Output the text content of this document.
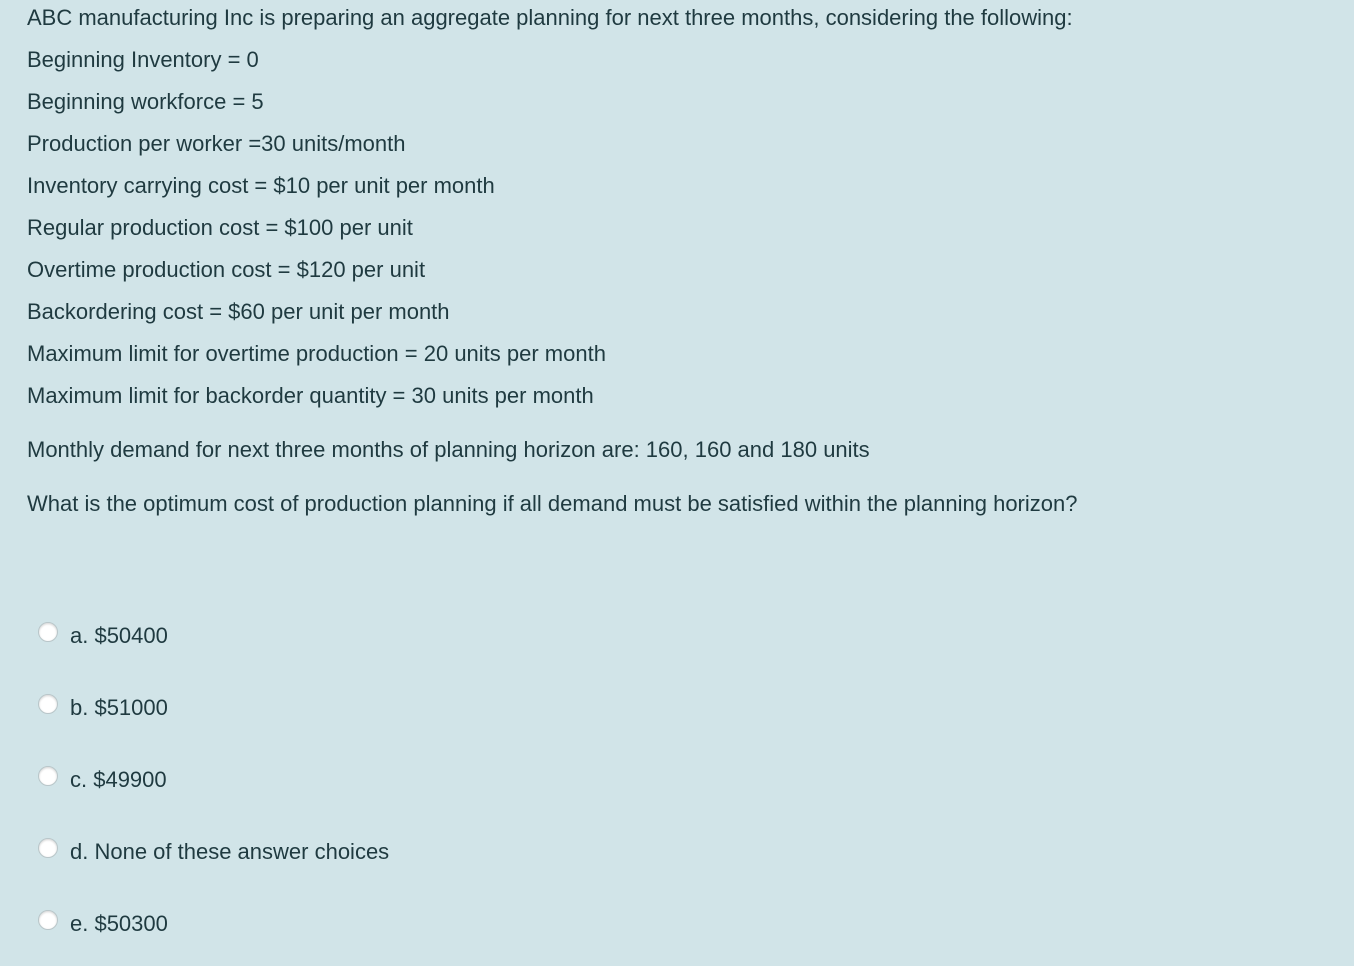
ABC manufacturing Inc is preparing an aggregate planning for next three months, considering the following:
Beginning Inventory = 0
Beginning workforce = 5
Production per worker =30 units/month
Inventory carrying cost = $10 per unit per month
Regular production cost = $100 per unit
Overtime production cost = $120 per unit
Backordering cost = $60 per unit per month
Maximum limit for overtime production = 20 units per month
Maximum limit for backorder quantity = 30 units per month
Monthly demand for next three months of planning horizon are: 160, 160 and 180 units
What is the optimum cost of production planning if all demand must be satisfied within the planning horizon?
a. $50400
b. $51000
c. $49900
d. None of these answer choices
e. $50300
